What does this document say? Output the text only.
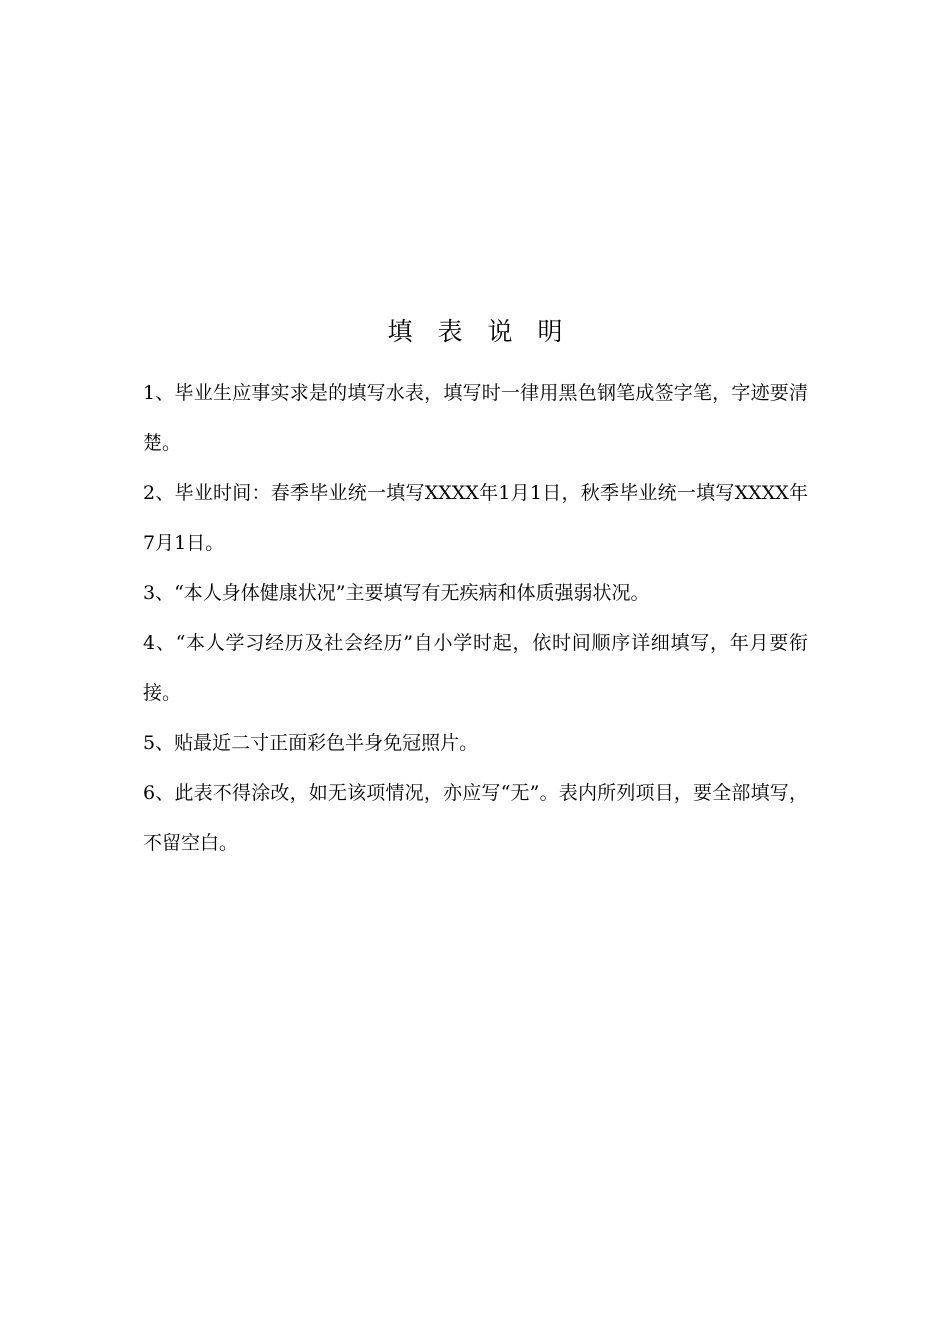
填表说明
1、毕业生应事实求是的填写水表，填写时一律用黑色钢笔成签字笔，字迹要清楚。
2、毕业时间：春季毕业统一填写XXXX年1月1日，秋季毕业统一填写XXXX年7月1日。
3、“本人身体健康状况”主要填写有无疾病和体质强弱状况。
4、“本人学习经历及社会经历”自小学时起，依时间顺序详细填写，年月要衔接。
5、贴最近二寸正面彩色半身免冠照片。
6、此表不得涂改，如无该项情况，亦应写“无”。表内所列项目，要全部填写，不留空白。
